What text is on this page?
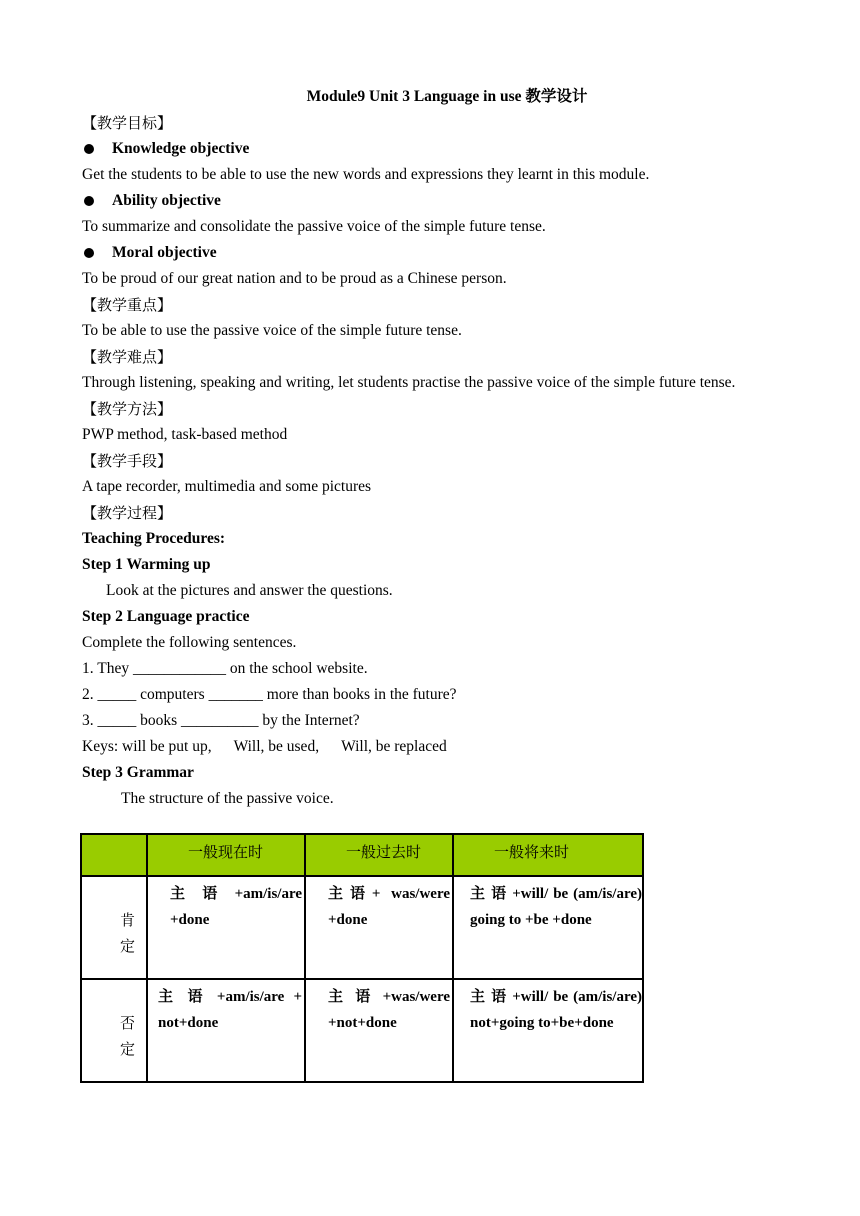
Module9 Unit 3 Language in use 教学设计
【教学目标】
Knowledge objective
Get the students to be able to use the new words and expressions they learnt in this module.
Ability objective
To summarize and consolidate the passive voice of the simple future tense.
Moral objective
To be proud of our great nation and to be proud as a Chinese person.
【教学重点】
To be able to use the passive voice of the simple future tense.
【教学难点】
Through listening, speaking and writing, let students practise the passive voice of the simple future tense.
【教学方法】
PWP method, task-based method
【教学手段】
A tape recorder, multimedia and some pictures
【教学过程】
Teaching Procedures:
Step 1 Warming up
Look at the pictures and answer the questions.
Step 2 Language practice
Complete the following sentences.
1. They ____________ on the school website.
2. _____ computers _______ more than books in the future?
3. _____ books __________ by the Internet?
Keys: will be put up, Will, be used, Will, be replaced
Step 3 Grammar
The structure of the passive voice.

	一般现在时	一般过去时	一般将来时

肯定	主 语 +am/is/are +done	主语+ was/were +done	主 语 +will/ be (am/is/are) going to +be +done

否定	主 语 +am/is/are + not+done	主 语 +was/were +not+done	主 语 +will/ be (am/is/are) not+going to+be+done
